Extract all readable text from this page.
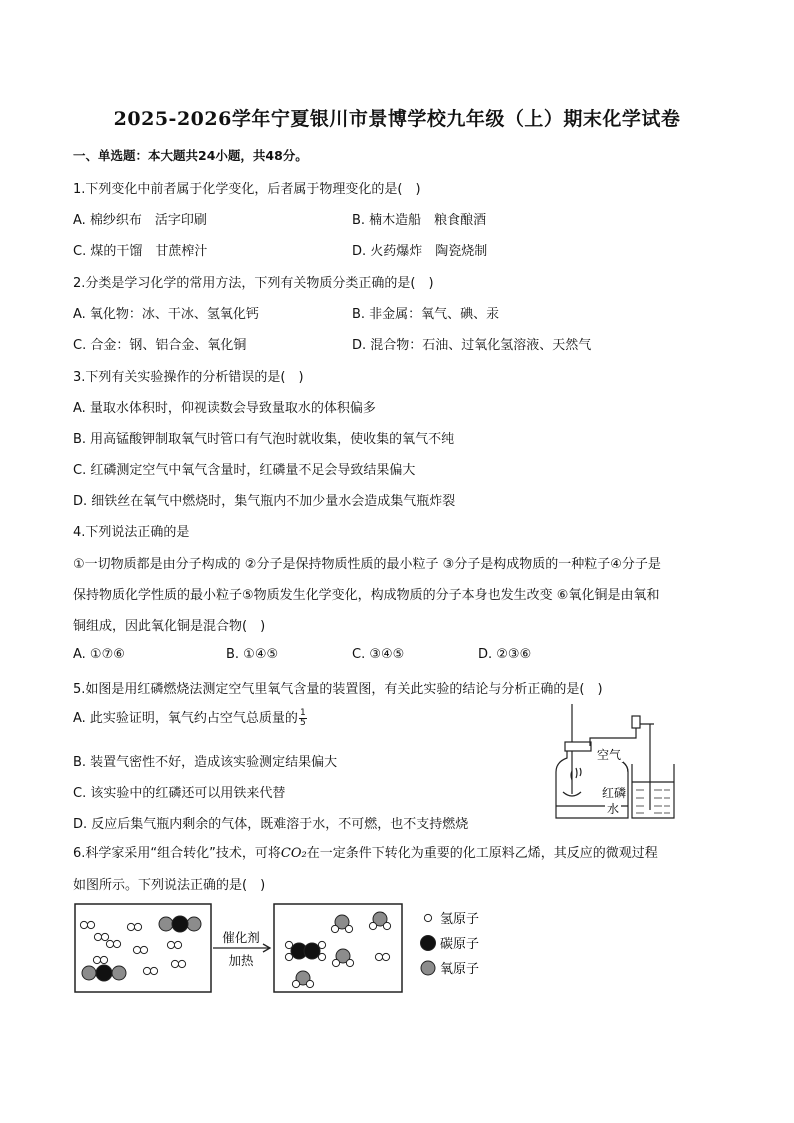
2025-2026学年宁夏银川市景博学校九年级（上）期末化学试卷
一、单选题：本大题共24小题，共48分。
1.下列变化中前者属于化学变化，后者属于物理变化的是(　)
A. 棉纱织布　活字印刷	B. 楠木造船　粮食酿酒
C. 煤的干馏　甘蔗榨汁	D. 火药爆炸　陶瓷烧制
2.分类是学习化学的常用方法，下列有关物质分类正确的是(　)
A. 氧化物：冰、干冰、氢氧化钙	B. 非金属：氧气、碘、汞
C. 合金：钢、铝合金、氧化铜	D. 混合物：石油、过氧化氢溶液、天然气
3.下列有关实验操作的分析错误的是(　)
A. 量取水体积时，仰视读数会导致量取水的体积偏多
B. 用高锰酸钾制取氧气时管口有气泡时就收集，使收集的氧气不纯
C. 红磷测定空气中氧气含量时，红磷量不足会导致结果偏大
D. 细铁丝在氧气中燃烧时，集气瓶内不加少量水会造成集气瓶炸裂
4.下列说法正确的是
①一切物质都是由分子构成的 ②分子是保持物质性质的最小粒子 ③分子是构成物质的一种粒子④分子是
保持物质化学性质的最小粒子⑤物质发生化学变化，构成物质的分子本身也发生改变 ⑥氧化铜是由氧和
铜组成，因此氧化铜是混合物(　)
A. ①⑦⑥	B. ①④⑤	C. ③④⑤	D. ②③⑥
5.如图是用红磷燃烧法测定空气里氧气含量的装置图，有关此实验的结论与分析正确的是(　)
A. 此实验证明，氧气约占空气总质量的 $\frac{1}{5}$
B. 装置气密性不好，造成该实验测定结果偏大
C. 该实验中的红磷还可以用铁来代替
D. 反应后集气瓶内剩余的气体，既难溶于水，不可燃，也不支持燃烧
空气
红磷
水
6.科学家采用“组合转化”技术，可将CO₂在一定条件下转化为重要的化工原料乙烯，其反应的微观过程
如图所示。下列说法正确的是(　)
催化剂
加热
氢原子
碳原子
氧原子
